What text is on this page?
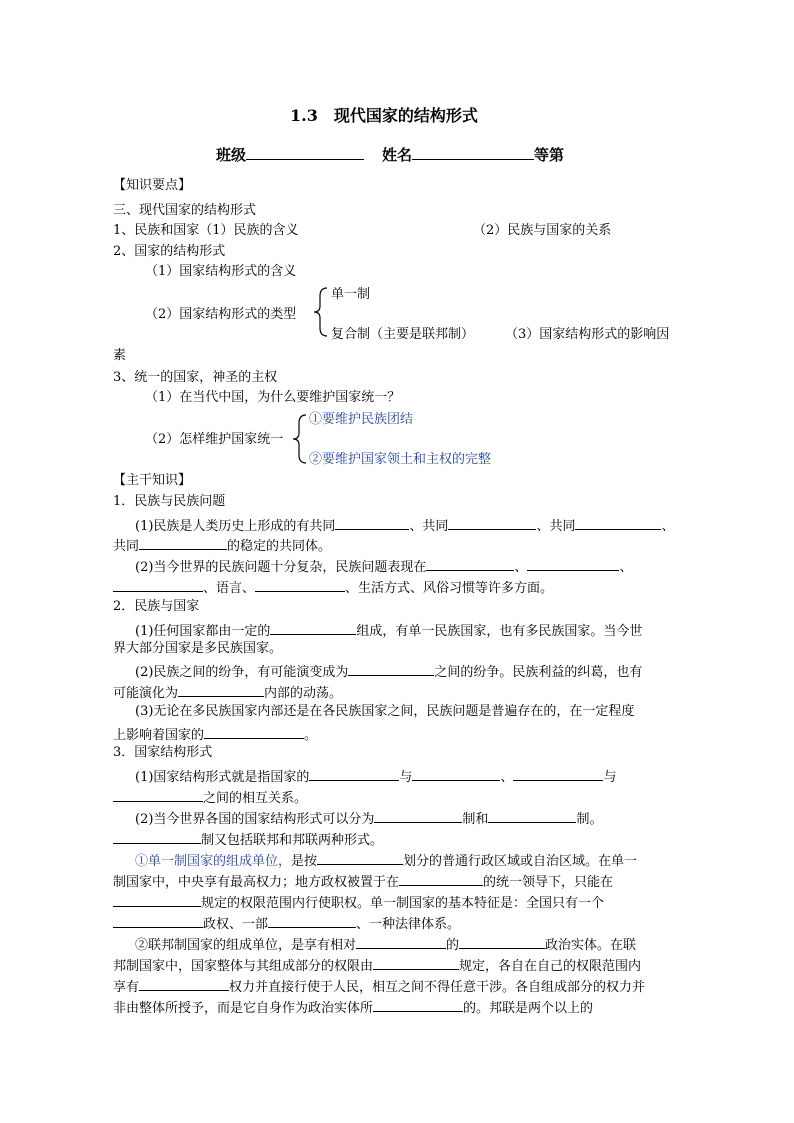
1.3　现代国家的结构形式
班级	姓名	等第
【知识要点】
三、现代国家的结构形式
1、民族和国家（1）民族的含义	（2）民族与国家的关系
2、国家的结构形式
（1）国家结构形式的含义
单一制
（2）国家结构形式的类型
复合制（主要是联邦制） （3）国家结构形式的影响因
素
3、统一的国家，神圣的主权
（1）在当代中国，为什么要维护国家统一？
①要维护民族团结
（2）怎样维护国家统一
②要维护国家领土和主权的完整
【主干知识】
1．民族与民族问题
(1)民族是人类历史上形成的有共同	、共同	、共同	、
共同	的稳定的共同体。
(2)当今世界的民族问题十分复杂，民族问题表现在	、	、
、语言、	、生活方式、风俗习惯等许多方面。
2．民族与国家
(1)任何国家都由一定的	组成，有单一民族国家，也有多民族国家。当今世
界大部分国家是多民族国家。
(2)民族之间的纷争，有可能演变成为	之间的纷争。民族利益的纠葛，也有
可能演化为	内部的动荡。
(3)无论在多民族国家内部还是在各民族国家之间，民族问题是普遍存在的，在一定程度
上影响着国家的	。
3．国家结构形式
(1)国家结构形式就是指国家的	与	、	与
之间的相互关系。
(2)当今世界各国的国家结构形式可以分为	制和	制。
制又包括联邦和邦联两种形式。
①单一制国家的组成单位，是按	划分的普通行政区域或自治区域。在单一
制国家中，中央享有最高权力；地方政权被置于在	的统一领导下，只能在
规定的权限范围内行使职权。单一制国家的基本特征是：全国只有一个
政权、一部	、一种法律体系。
②联邦制国家的组成单位，是享有相对	的	政治实体。在联
邦制国家中，国家整体与其组成部分的权限由	规定，各自在自己的权限范围内
享有	权力并直接行使于人民，相互之间不得任意干涉。各自组成部分的权力并
非由整体所授予，而是它自身作为政治实体所	的。邦联是两个以上的
